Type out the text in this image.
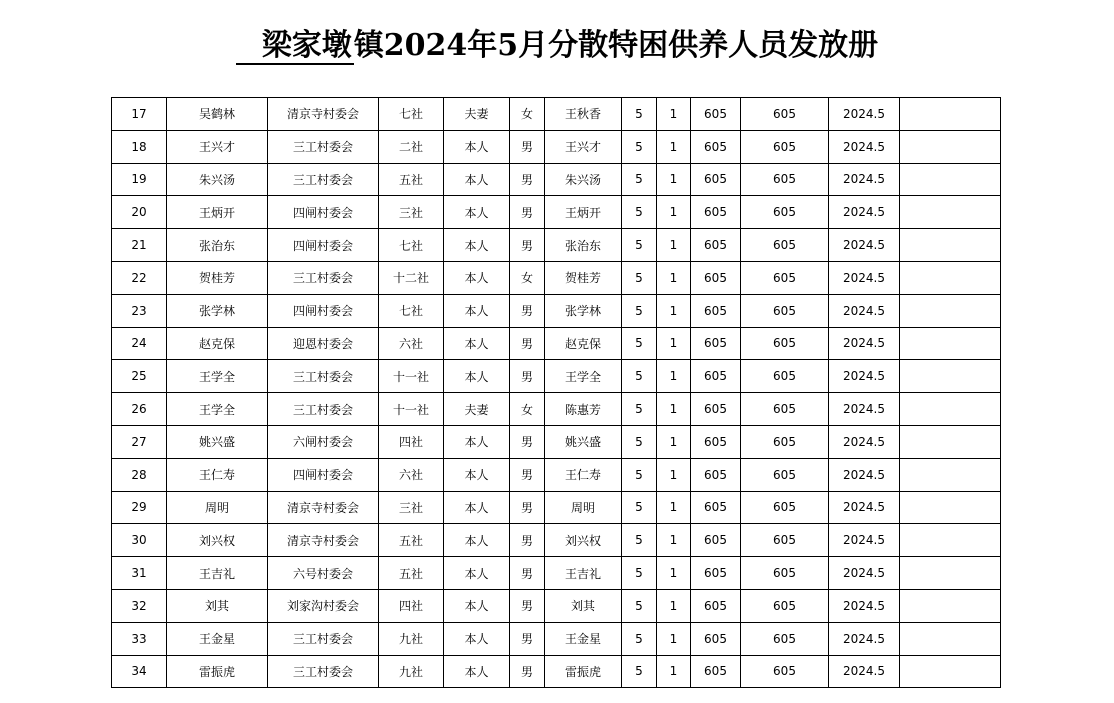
梁家墩镇2024年5月分散特困供养人员发放册
17	吴鹤林	清京寺村委会	七社	夫妻	女	王秋香	5	1	605	605	2024.5	
18	王兴才	三工村委会	二社	本人	男	王兴才	5	1	605	605	2024.5	
19	朱兴汤	三工村委会	五社	本人	男	朱兴汤	5	1	605	605	2024.5	
20	王炳开	四闸村委会	三社	本人	男	王炳开	5	1	605	605	2024.5	
21	张治东	四闸村委会	七社	本人	男	张治东	5	1	605	605	2024.5	
22	贺桂芳	三工村委会	十二社	本人	女	贺桂芳	5	1	605	605	2024.5	
23	张学林	四闸村委会	七社	本人	男	张学林	5	1	605	605	2024.5	
24	赵克保	迎恩村委会	六社	本人	男	赵克保	5	1	605	605	2024.5	
25	王学全	三工村委会	十一社	本人	男	王学全	5	1	605	605	2024.5	
26	王学全	三工村委会	十一社	夫妻	女	陈惠芳	5	1	605	605	2024.5	
27	姚兴盛	六闸村委会	四社	本人	男	姚兴盛	5	1	605	605	2024.5	
28	王仁寿	四闸村委会	六社	本人	男	王仁寿	5	1	605	605	2024.5	
29	周明	清京寺村委会	三社	本人	男	周明	5	1	605	605	2024.5	
30	刘兴权	清京寺村委会	五社	本人	男	刘兴权	5	1	605	605	2024.5	
31	王吉礼	六号村委会	五社	本人	男	王吉礼	5	1	605	605	2024.5	
32	刘其	刘家沟村委会	四社	本人	男	刘其	5	1	605	605	2024.5	
33	王金星	三工村委会	九社	本人	男	王金星	5	1	605	605	2024.5	
34	雷振虎	三工村委会	九社	本人	男	雷振虎	5	1	605	605	2024.5	
